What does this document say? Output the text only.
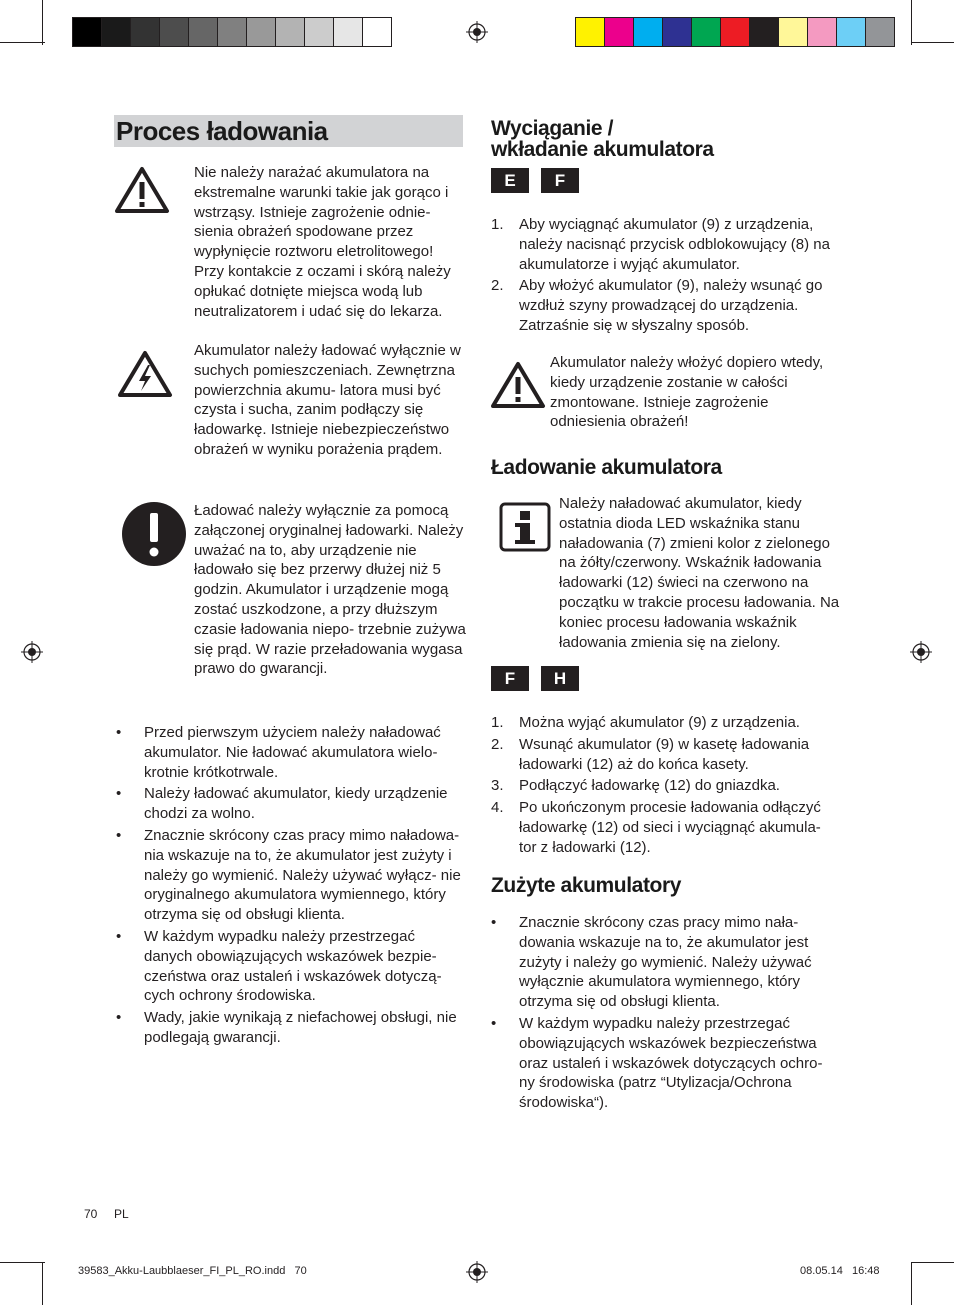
Proces ładowania
Nie należy narażać akumulatora na ekstremalne warunki takie jak gorąco i wstrząsy. Istnieje zagrożenie odnie- sienia obrażeń spodowane przez wypłynięcie roztworu eletrolitowego! Przy kontakcie z oczami i skórą należy opłukać dotnięte miejsca wodą lub neutralizatorem i udać się do lekarza.
Akumulator należy ładować wyłącznie w suchych pomieszczeniach. Zewnętrzna powierzchnia akumu- latora musi być czysta i sucha, zanim podłączy się ładowarkę. Istnieje niebezpieczeństwo obrażeń w wyniku porażenia prądem.
Ładować należy wyłącznie za pomocą załączonej oryginalnej ładowarki. Należy uważać na to, aby urządzenie nie ładowało się bez przerwy dłużej niż 5 godzin. Akumulator i urządzenie mogą zostać uszkodzone, a przy dłuższym czasie ładowania niepo- trzebnie zużywa się prąd. W razie przeładowania wygasa prawo do gwarancji.
• Przed pierwszym użyciem należy naładować akumulator. Nie ładować akumulatora wielo- krotnie krótkotrwale.
• Należy ładować akumulator, kiedy urządzenie chodzi za wolno.
• Znacznie skrócony czas pracy mimo naładowa- nia wskazuje na to, że akumulator jest zużyty i należy go wymienić. Należy używać wyłącz- nie oryginalnego akumulatora wymiennego, który otrzyma się od obsługi klienta.
• W każdym wypadku należy przestrzegać danych obowiązujących wskazówek bezpie- czeństwa oraz ustaleń i wskazówek dotyczą- cych ochrony środowiska.
• Wady, jakie wynikają z niefachowej obsługi, nie podlegają gwarancji.
Wyciąganie /
wkładanie akumulatora
E	F
1. Aby wyciągnąć akumulator (9) z urządzenia, należy nacisnąć przycisk odblokowujący (8) na akumulatorze i wyjąć akumulator.
2. Aby włożyć akumulator (9), należy wsunąć go wzdłuż szyny prowadzącej do urządzenia. Zatrzaśnie się w słyszalny sposób.
Akumulator należy włożyć dopiero wtedy, kiedy urządzenie zostanie w całości zmontowane. Istnieje zagrożenie odniesienia obrażeń!
Ładowanie akumulatora
Należy naładować akumulator, kiedy ostatnia dioda LED wskaźnika stanu naładowania (7) zmieni kolor z zielonego na żółty/czerwony. Wskaźnik ładowania ładowarki (12) świeci na czerwono na początku w trakcie procesu ładowania. Na koniec procesu ładowania wskaźnik ładowania zmienia się na zielony.
F	H
1. Można wyjąć akumulator (9) z urządzenia.
2. Wsunąć akumulator (9) w kasetę ładowania ładowarki (12) aż do końca kasety.
3. Podłączyć ładowarkę (12) do gniazdka.
4. Po ukończonym procesie ładowania odłączyć ładowarkę (12) od sieci i wyciągnąć akumula- tor z ładowarki (12).
Zużyte akumulatory
• Znacznie skrócony czas pracy mimo nała- dowania wskazuje na to, że akumulator jest zużyty i należy go wymienić. Należy używać wyłącznie akumulatora wymiennego, który otrzyma się od obsługi klienta.
• W każdym wypadku należy przestrzegać obowiązujących wskazówek bezpieczeństwa oraz ustaleń i wskazówek dotyczących ochro- ny środowiska (patrz “Utylizacja/Ochrona środowiska“).
70 PL
39583_Akku-Laubblaeser_FI_PL_RO.indd 70	08.05.14 16:48
